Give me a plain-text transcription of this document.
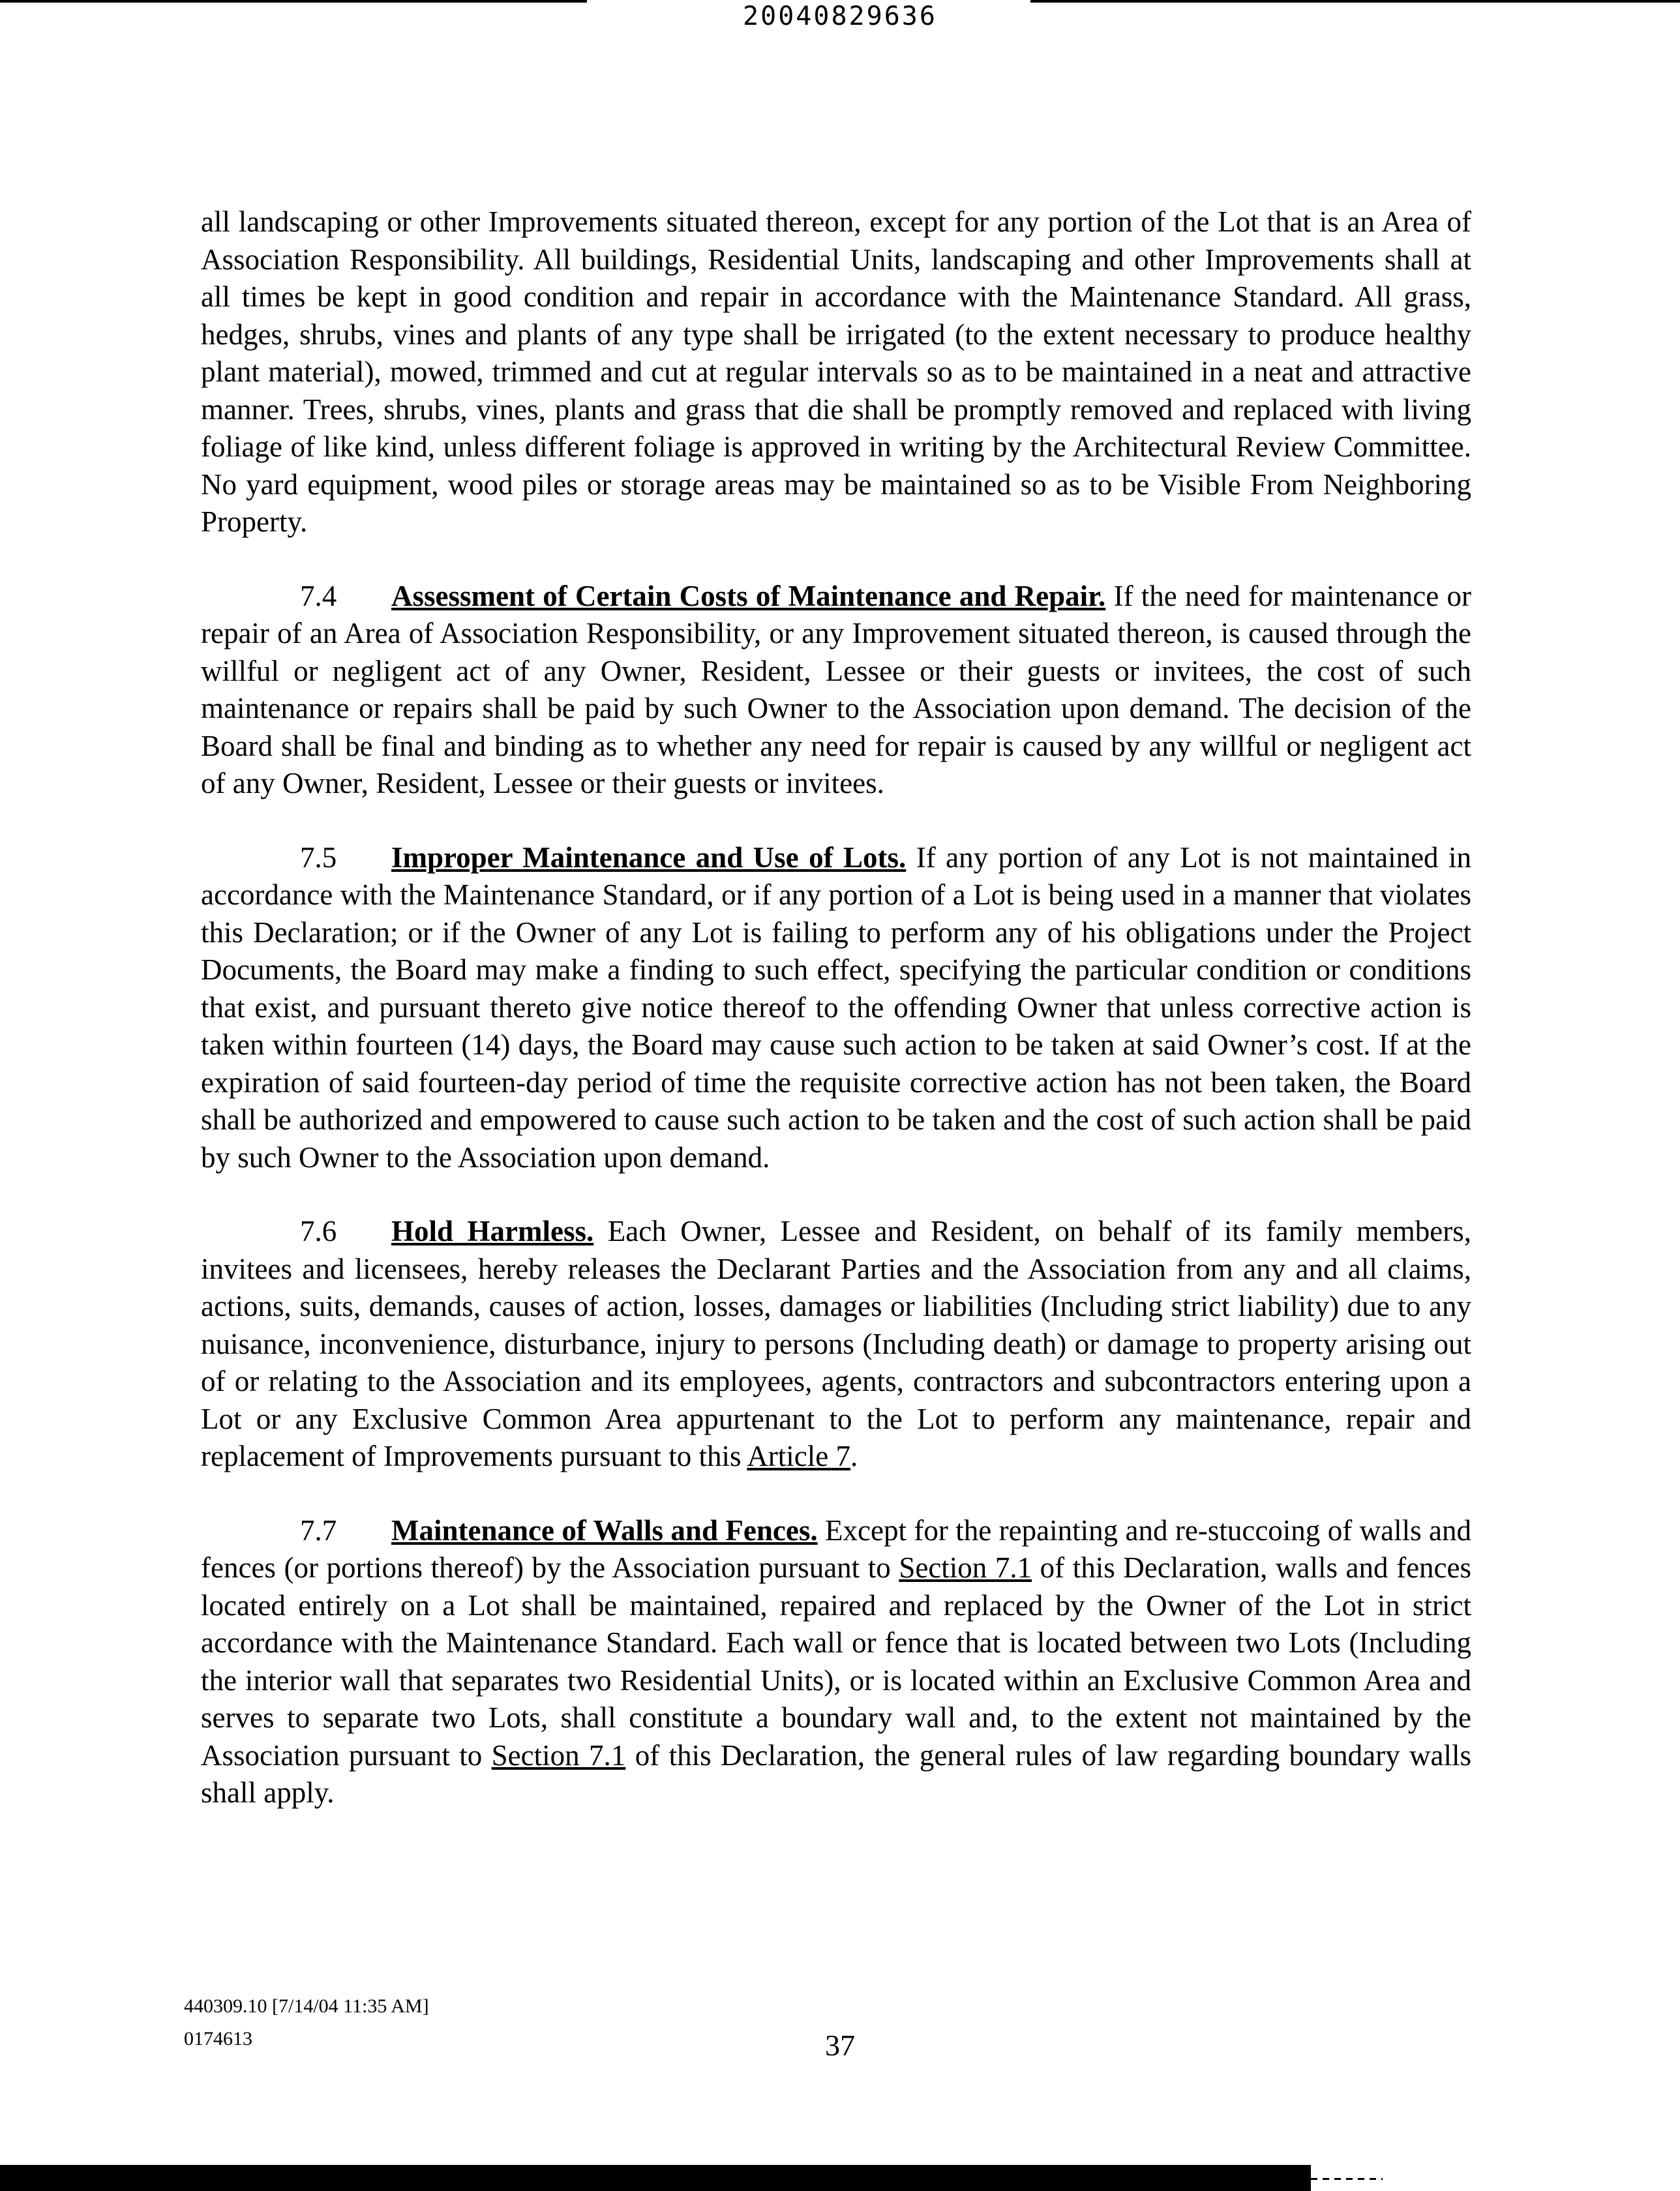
20040829636

all landscaping or other Improvements situated thereon, except for any portion of the Lot that is an Area of Association Responsibility. All buildings, Residential Units, landscaping and other Improvements shall at all times be kept in good condition and repair in accordance with the Maintenance Standard. All grass, hedges, shrubs, vines and plants of any type shall be irrigated (to the extent necessary to produce healthy plant material), mowed, trimmed and cut at regular intervals so as to be maintained in a neat and attractive manner. Trees, shrubs, vines, plants and grass that die shall be promptly removed and replaced with living foliage of like kind, unless different foliage is approved in writing by the Architectural Review Committee. No yard equipment, wood piles or storage areas may be maintained so as to be Visible From Neighboring Property.

7.4 Assessment of Certain Costs of Maintenance and Repair. If the need for maintenance or repair of an Area of Association Responsibility, or any Improvement situated thereon, is caused through the willful or negligent act of any Owner, Resident, Lessee or their guests or invitees, the cost of such maintenance or repairs shall be paid by such Owner to the Association upon demand. The decision of the Board shall be final and binding as to whether any need for repair is caused by any willful or negligent act of any Owner, Resident, Lessee or their guests or invitees.

7.5 Improper Maintenance and Use of Lots. If any portion of any Lot is not maintained in accordance with the Maintenance Standard, or if any portion of a Lot is being used in a manner that violates this Declaration; or if the Owner of any Lot is failing to perform any of his obligations under the Project Documents, the Board may make a finding to such effect, specifying the particular condition or conditions that exist, and pursuant thereto give notice thereof to the offending Owner that unless corrective action is taken within fourteen (14) days, the Board may cause such action to be taken at said Owner’s cost. If at the expiration of said fourteen-day period of time the requisite corrective action has not been taken, the Board shall be authorized and empowered to cause such action to be taken and the cost of such action shall be paid by such Owner to the Association upon demand.

7.6 Hold Harmless. Each Owner, Lessee and Resident, on behalf of its family members, invitees and licensees, hereby releases the Declarant Parties and the Association from any and all claims, actions, suits, demands, causes of action, losses, damages or liabilities (Including strict liability) due to any nuisance, inconvenience, disturbance, injury to persons (Including death) or damage to property arising out of or relating to the Association and its employees, agents, contractors and subcontractors entering upon a Lot or any Exclusive Common Area appurtenant to the Lot to perform any maintenance, repair and replacement of Improvements pursuant to this Article 7.

7.7 Maintenance of Walls and Fences. Except for the repainting and re-stuccoing of walls and fences (or portions thereof) by the Association pursuant to Section 7.1 of this Declaration, walls and fences located entirely on a Lot shall be maintained, repaired and replaced by the Owner of the Lot in strict accordance with the Maintenance Standard. Each wall or fence that is located between two Lots (Including the interior wall that separates two Residential Units), or is located within an Exclusive Common Area and serves to separate two Lots, shall constitute a boundary wall and, to the extent not maintained by the Association pursuant to Section 7.1 of this Declaration, the general rules of law regarding boundary walls shall apply.

440309.10 [7/14/04 11:35 AM]
0174613	37
